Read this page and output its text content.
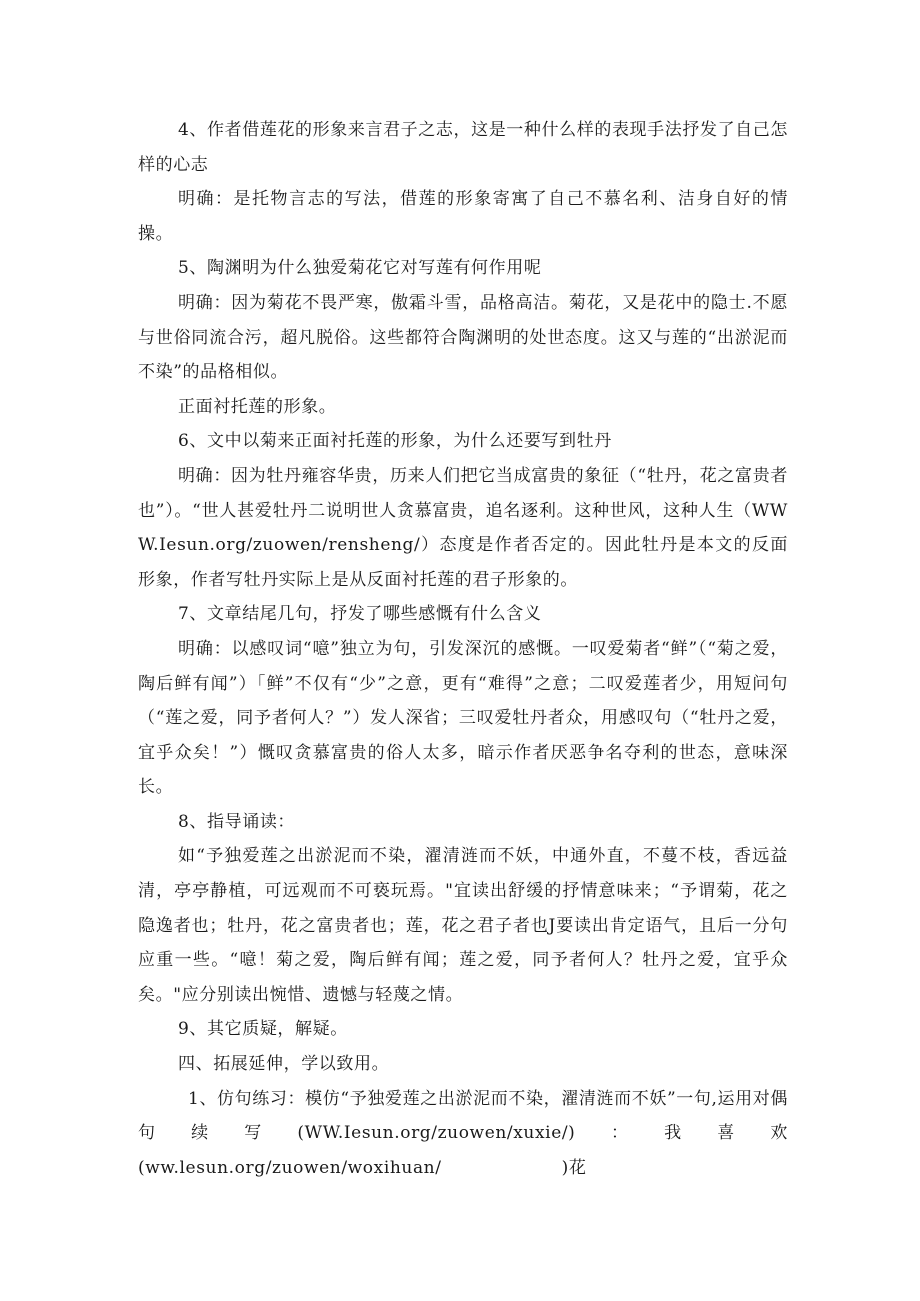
4、作者借莲花的形象来言君子之志，这是一种什么样的表现手法抒发了自己怎样的心志

明确：是托物言志的写法，借莲的形象寄寓了自己不慕名利、洁身自好的情操。

5、陶渊明为什么独爱菊花它对写莲有何作用呢

明确：因为菊花不畏严寒，傲霜斗雪，品格高洁。菊花，又是花中的隐士.不愿与世俗同流合污，超凡脱俗。这些都符合陶渊明的处世态度。这又与莲的“出淤泥而不染”的品格相似。

正面衬托莲的形象。

6、文中以菊来正面衬托莲的形象，为什么还要写到牡丹

明确：因为牡丹雍容华贵，历来人们把它当成富贵的象征（“牡丹，花之富贵者也”）。“世人甚爱牡丹二说明世人贪慕富贵，追名逐利。这种世风，这种人生（WWW.Iesun.org/zuowen/rensheng/）态度是作者否定的。因此牡丹是本文的反面形象，作者写牡丹实际上是从反面衬托莲的君子形象的。

7、文章结尾几句，抒发了哪些感慨有什么含义

明确：以感叹词“噫”独立为句，引发深沉的感慨。一叹爱菊者“鲜”（“菊之爱，陶后鲜有闻”）「鲜”不仅有“少”之意，更有“难得”之意；二叹爱莲者少，用短问句（“莲之爱，同予者何人？”）发人深省；三叹爱牡丹者众，用感叹句（“牡丹之爱，宜乎众矣！”）慨叹贪慕富贵的俗人太多，暗示作者厌恶争名夺利的世态，意味深长。

8、指导诵读：

如“予独爱莲之出淤泥而不染，濯清涟而不妖，中通外直，不蔓不枝，香远益清，亭亭静植，可远观而不可亵玩焉。"宜读出舒缓的抒情意味来；“予谓菊，花之隐逸者也；牡丹，花之富贵者也；莲，花之君子者也J要读出肯定语气，且后一分句应重一些。“噫！菊之爱，陶后鲜有闻；莲之爱，同予者何人？牡丹之爱，宜乎众矣。"应分别读出惋惜、遗憾与轻蔑之情。

9、其它质疑，解疑。

四、拓展延伸，学以致用。

1、仿句练习：模仿“予独爱莲之出淤泥而不染，濯清涟而不妖”一句,运用对偶句续写(WW.Iesun.org/zuowen/xuxie/)：我喜欢

(ww.lesun.org/zuowen/woxihuan/                    )花
